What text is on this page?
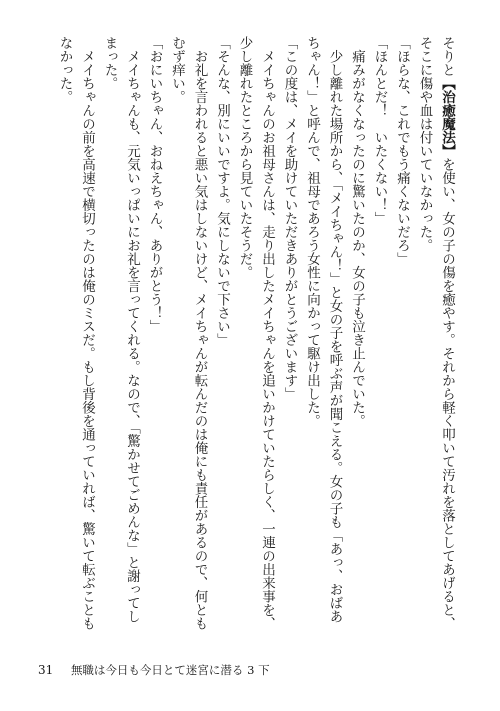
そりと【治癒魔法】を使い、女の子の傷を癒やす。それから軽く叩いて汚れを落としてあげると、
そこに傷や血は付いていなかった。
「ほらな、これでもう痛くないだろ」
「ほんとだ！　いたくない！」
　痛みがなくなったのに驚いたのか、女の子も泣き止んでいた。
　少し離れた場所から、「メイちゃん！」と女の子を呼ぶ声が聞こえる。女の子も「あっ、おばあ
ちゃん！」と呼んで、祖母であろう女性に向かって駆け出した。
「この度は、メイを助けていただきありがとうございます」
　メイちゃんのお祖母さんは、走り出したメイちゃんを追いかけていたらしく、一連の出来事を、
少し離れたところから見ていたそうだ。
「そんな、別にいいですよ。気にしないで下さい」
　お礼を言われると悪い気はしないけど、メイちゃんが転んだのは俺にも責任があるので、何とも
むず痒い。
「おにいちゃん、おねえちゃん、ありがとう！」
　メイちゃんも、元気いっぱいにお礼を言ってくれる。なので、「驚かせてごめんな」と謝ってし
まった。
　メイちゃんの前を高速で横切ったのは俺のミスだ。もし背後を通っていれば、驚いて転ぶことも
なかった。
31 無職は今日も今日とて迷宮に潜る 3 下
